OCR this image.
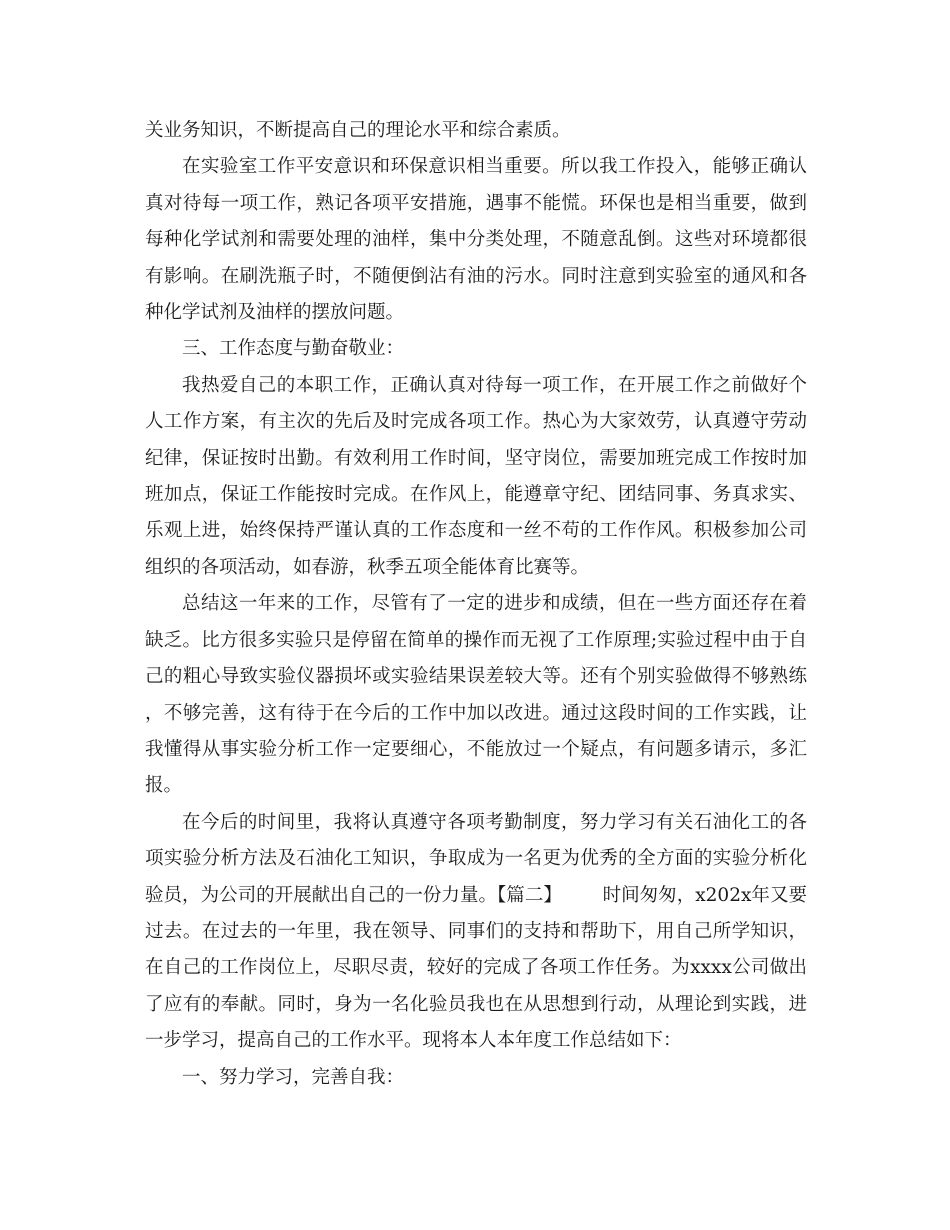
关业务知识，不断提高自己的理论水平和综合素质。

在实验室工作平安意识和环保意识相当重要。所以我工作投入，能够正确认真对待每一项工作，熟记各项平安措施，遇事不能慌。环保也是相当重要，做到每种化学试剂和需要处理的油样，集中分类处理，不随意乱倒。这些对环境都很有影响。在刷洗瓶子时，不随便倒沾有油的污水。同时注意到实验室的通风和各种化学试剂及油样的摆放问题。

三、工作态度与勤奋敬业：

我热爱自己的本职工作，正确认真对待每一项工作，在开展工作之前做好个人工作方案，有主次的先后及时完成各项工作。热心为大家效劳，认真遵守劳动纪律，保证按时出勤。有效利用工作时间，坚守岗位，需要加班完成工作按时加班加点，保证工作能按时完成。在作风上，能遵章守纪、团结同事、务真求实、乐观上进，始终保持严谨认真的工作态度和一丝不苟的工作作风。积极参加公司组织的各项活动，如春游，秋季五项全能体育比赛等。

总结这一年来的工作，尽管有了一定的进步和成绩，但在一些方面还存在着缺乏。比方很多实验只是停留在简单的操作而无视了工作原理;实验过程中由于自己的粗心导致实验仪器损坏或实验结果误差较大等。还有个别实验做得不够熟练，不够完善，这有待于在今后的工作中加以改进。通过这段时间的工作实践，让我懂得从事实验分析工作一定要细心，不能放过一个疑点，有问题多请示，多汇报。

在今后的时间里，我将认真遵守各项考勤制度，努力学习有关石油化工的各项实验分析方法及石油化工知识，争取成为一名更为优秀的全方面的实验分析化验员，为公司的开展献出自己的一份力量。【篇二】 时间匆匆，x202x年又要过去。在过去的一年里，我在领导、同事们的支持和帮助下，用自己所学知识，在自己的工作岗位上，尽职尽责，较好的完成了各项工作任务。为xxxx公司做出了应有的奉献。同时，身为一名化验员我也在从思想到行动，从理论到实践，进一步学习，提高自己的工作水平。现将本人本年度工作总结如下：

一、努力学习，完善自我：
